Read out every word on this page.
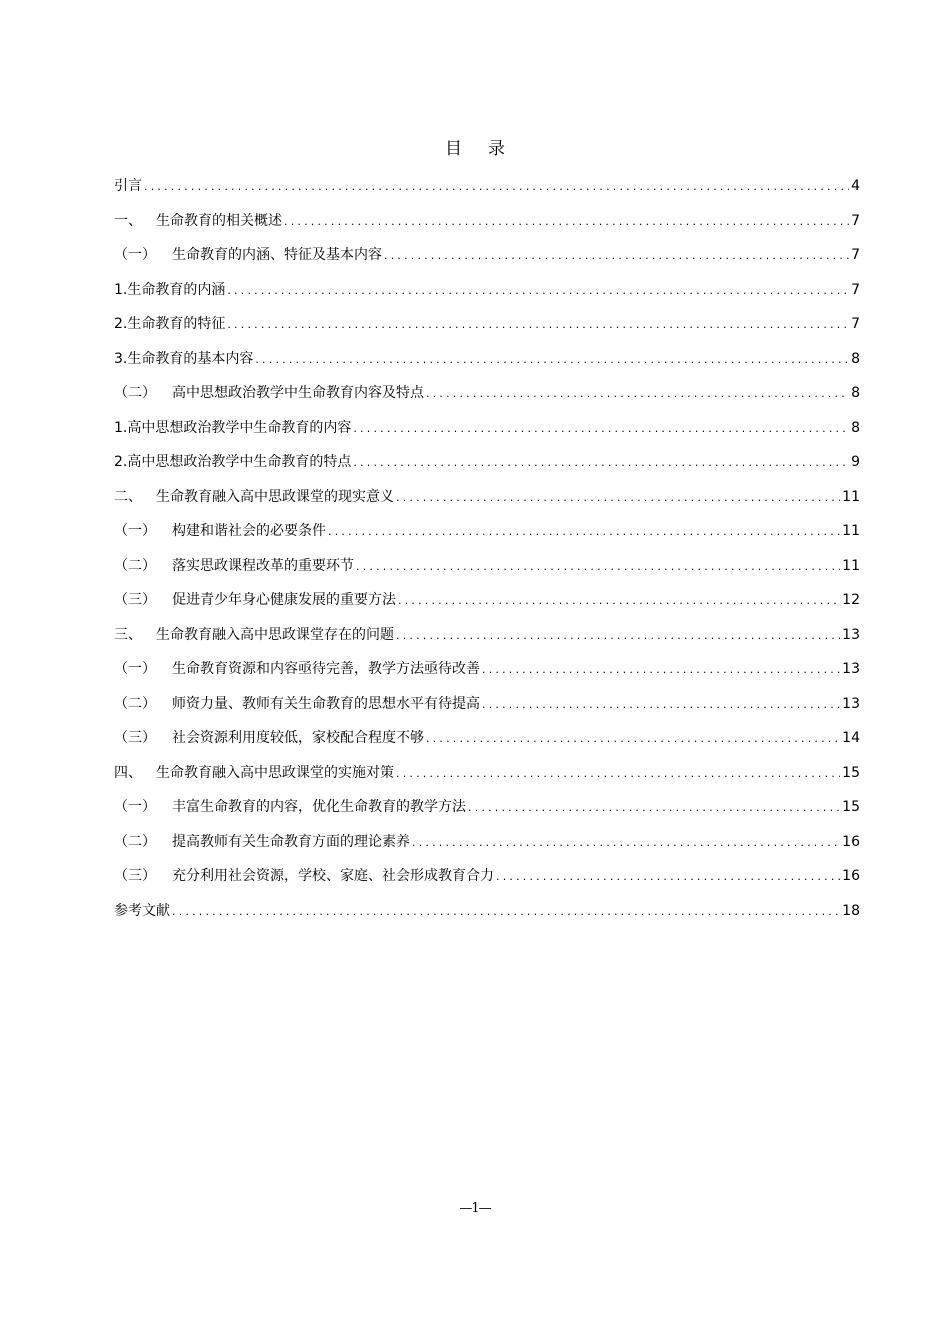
目录
引言 .....	4
一、 生命教育的相关概述 .....	7
（一） 生命教育的内涵、特征及基本内容 .....	7
1.生命教育的内涵 .....	7
2.生命教育的特征 .....	7
3.生命教育的基本内容 .....	8
（二） 高中思想政治教学中生命教育内容及特点 .....	8
1.高中思想政治教学中生命教育的内容 .....	8
2.高中思想政治教学中生命教育的特点 .....	9
二、 生命教育融入高中思政课堂的现实意义 .....	11
（一） 构建和谐社会的必要条件 .....	11
（二） 落实思政课程改革的重要环节 .....	11
（三） 促进青少年身心健康发展的重要方法 .....	12
三、 生命教育融入高中思政课堂存在的问题 .....	13
（一） 生命教育资源和内容亟待完善，教学方法亟待改善 .....	13
（二） 师资力量、教师有关生命教育的思想水平有待提高 .....	13
（三） 社会资源利用度较低，家校配合程度不够 .....	14
四、 生命教育融入高中思政课堂的实施对策 .....	15
（一） 丰富生命教育的内容，优化生命教育的教学方法 .....	15
（二） 提高教师有关生命教育方面的理论素养 .....	16
（三） 充分利用社会资源，学校、家庭、社会形成教育合力 .....	16
参考文献 .....	18
—1—
